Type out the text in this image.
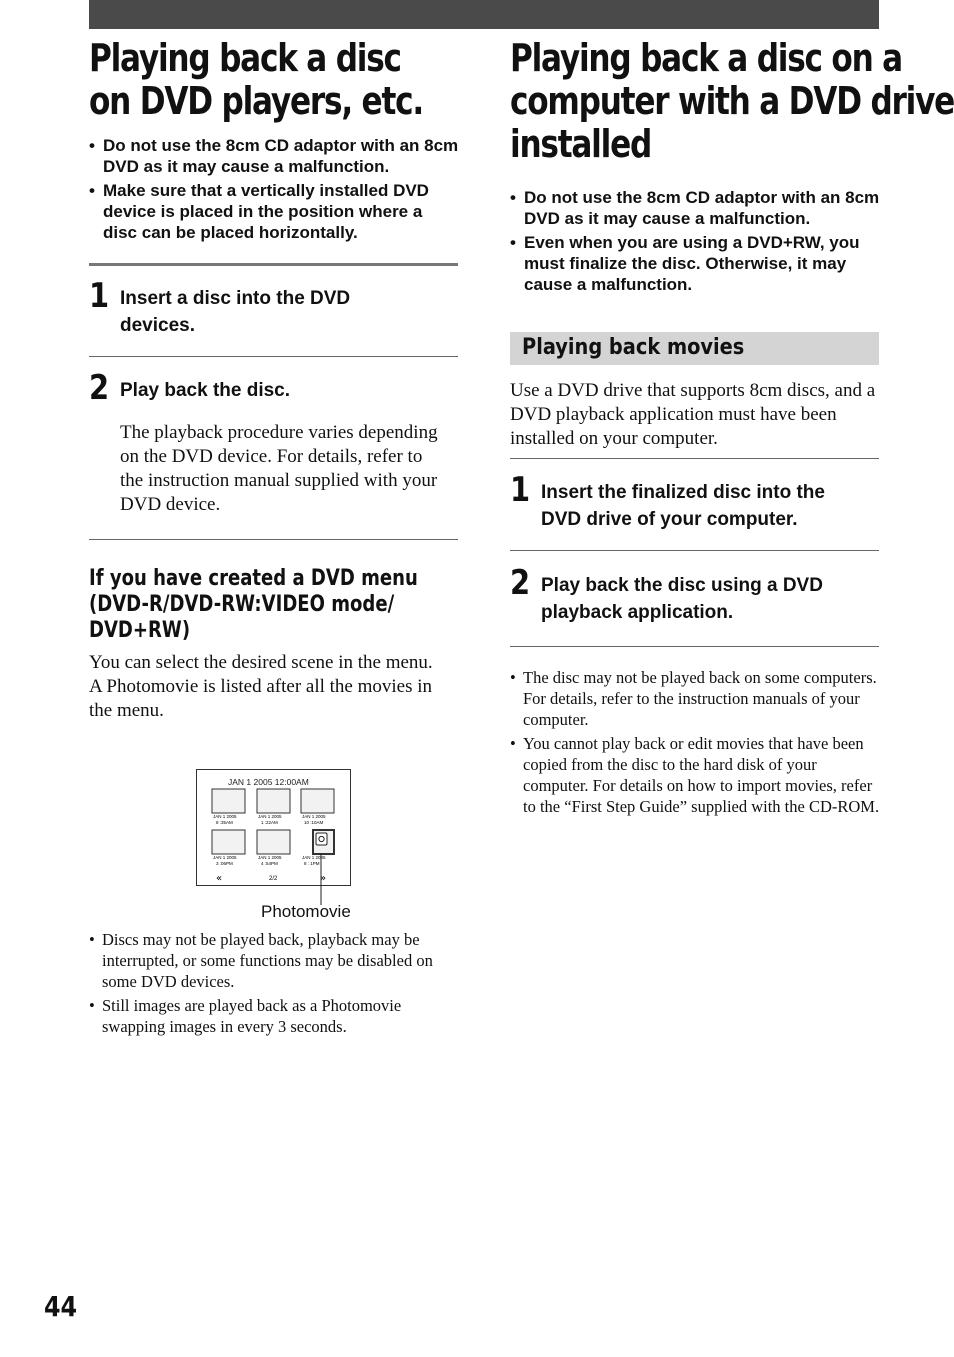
Playing back a disc
on DVD players, etc.
• Do not use the 8cm CD adaptor with an 8cm DVD as it may cause a malfunction.
• Make sure that a vertically installed DVD device is placed in the position where a disc can be placed horizontally.
1 Insert a disc into the DVD
devices.
2 Play back the disc.

The playback procedure varies depending on the DVD device. For details, refer to the instruction manual supplied with your DVD device.

If you have created a DVD menu
(DVD-R/DVD-RW:VIDEO mode/
DVD+RW)
You can select the desired scene in the menu.
A Photomovie is listed after all the movies in the menu.
JAN 1 2005 12:00AM
JAN 1 2005
8 :35AM
JAN 1 2005
1 :22AM
JAN 1 2005
10 :10AM
JAN 1 2005
3 :06PM
JAN 1 2005
4 :54PM
JAN 1 2005
8 : 1PM
«	2/2	»
Photomovie
• Discs may not be played back, playback may be interrupted, or some functions may be disabled on some DVD devices.
• Still images are played back as a Photomovie swapping images in every 3 seconds.
Playing back a disc on a
computer with a DVD drive
installed
• Do not use the 8cm CD adaptor with an 8cm DVD as it may cause a malfunction.
• Even when you are using a DVD+RW, you must finalize the disc. Otherwise, it may cause a malfunction.
Playing back movies

Use a DVD drive that supports 8cm discs, and a DVD playback application must have been installed on your computer.

1 Insert the finalized disc into the
DVD drive of your computer.
2 Play back the disc using a DVD
playback application.
• The disc may not be played back on some computers. For details, refer to the instruction manuals of your computer.
• You cannot play back or edit movies that have been copied from the disc to the hard disk of your computer. For details on how to import movies, refer to the “First Step Guide” supplied with the CD-ROM.
44
